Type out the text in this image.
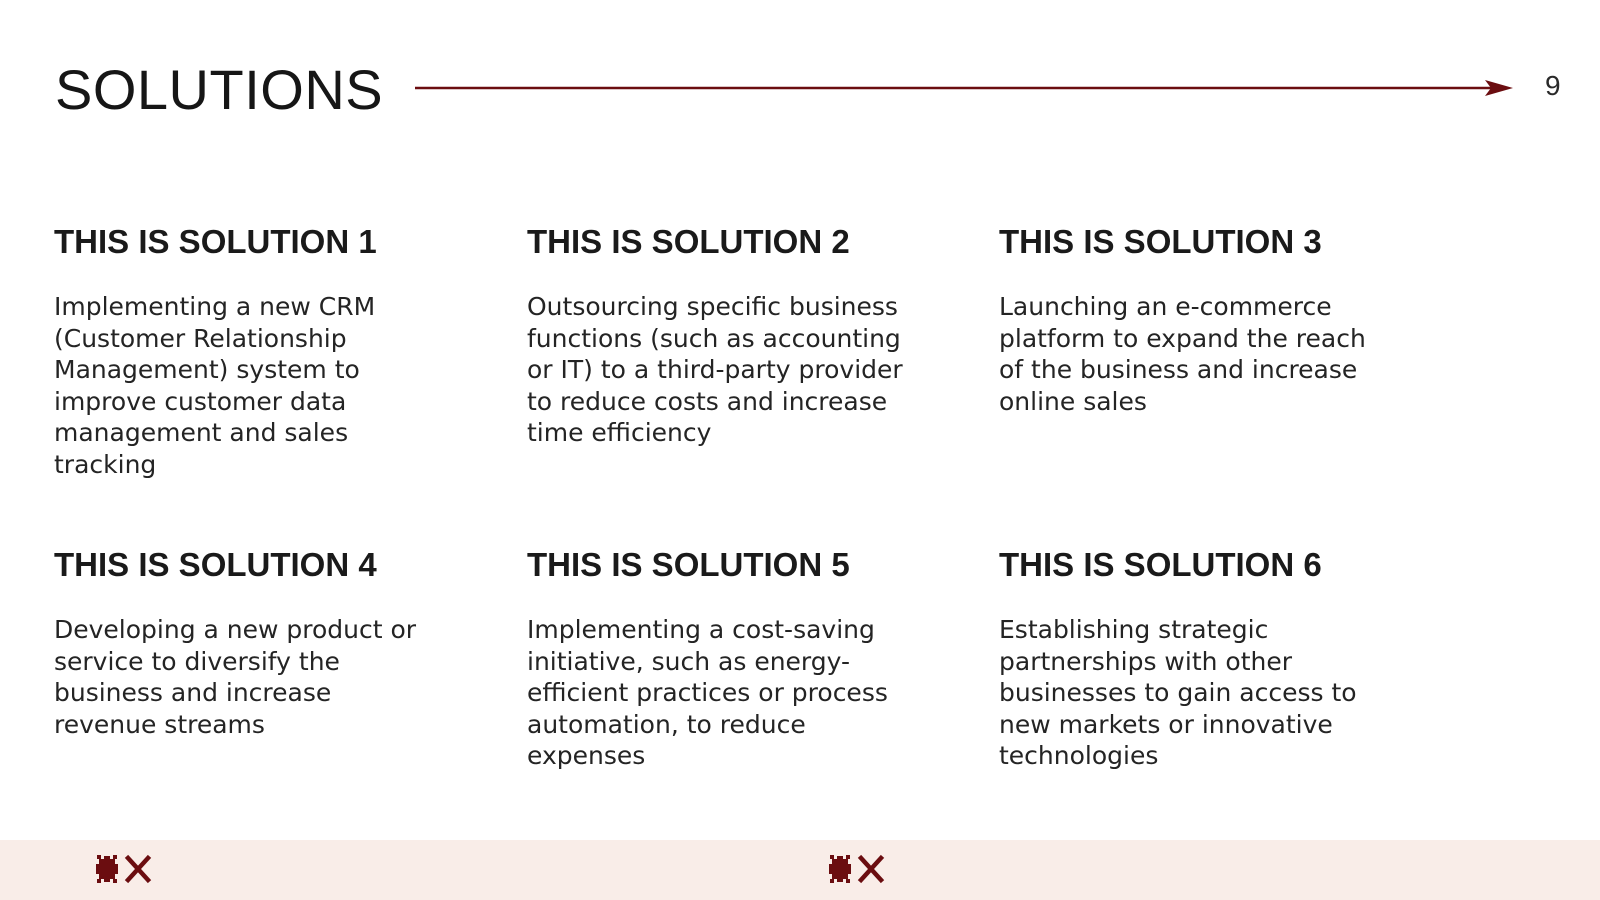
SOLUTIONS	9
THIS IS SOLUTION 1

Implementing a new CRM (Customer Relationship Management) system to improve customer data management and sales tracking

THIS IS SOLUTION 2

Outsourcing specific business functions (such as accounting or IT) to a third-party provider to reduce costs and increase time efficiency

THIS IS SOLUTION 3

Launching an e-commerce platform to expand the reach of the business and increase online sales

THIS IS SOLUTION 4

Developing a new product or service to diversify the business and increase revenue streams

THIS IS SOLUTION 5

Implementing a cost-saving initiative, such as energy-efficient practices or process automation, to reduce expenses

THIS IS SOLUTION 6

Establishing strategic partnerships with other businesses to gain access to new markets or innovative technologies
